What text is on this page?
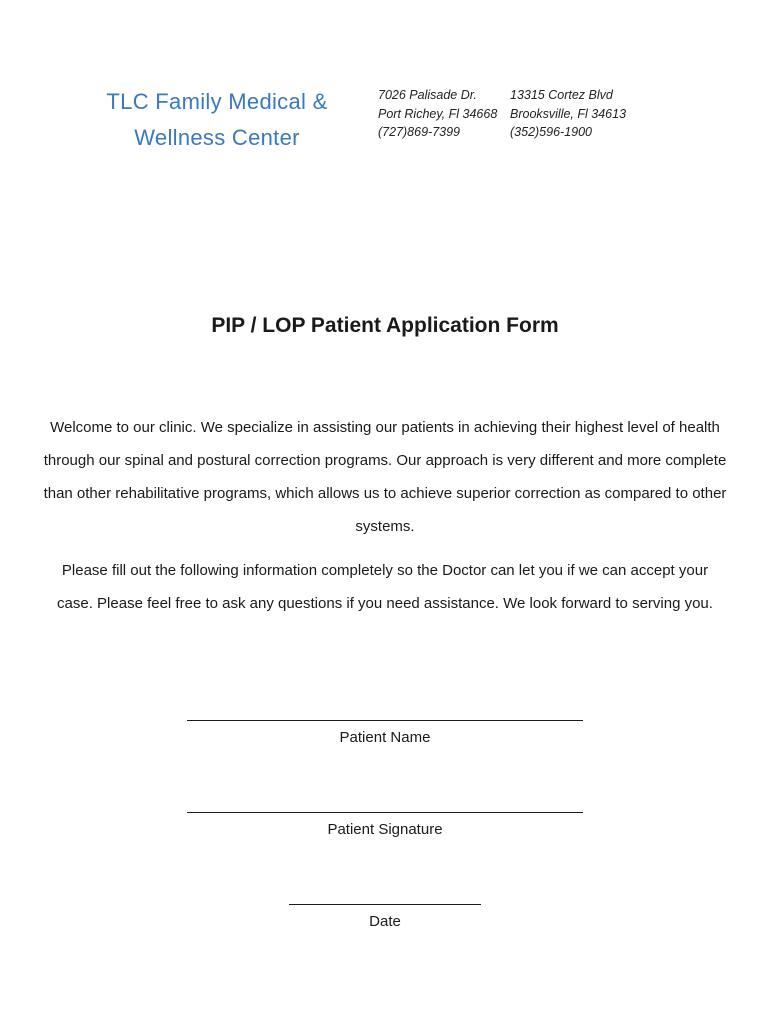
TLC Family Medical &
Wellness Center
7026 Palisade Dr.
Port Richey, Fl 34668
(727)869-7399
13315 Cortez Blvd
Brooksville, Fl 34613
(352)596-1900
PIP / LOP Patient Application Form
Welcome to our clinic. We specialize in assisting our patients in achieving their highest level of health through our spinal and postural correction programs. Our approach is very different and more complete than other rehabilitative programs, which allows us to achieve superior correction as compared to other systems.
Please fill out the following information completely so the Doctor can let you if we can accept your case. Please feel free to ask any questions if you need assistance. We look forward to serving you.
Patient Name
Patient Signature
Date
